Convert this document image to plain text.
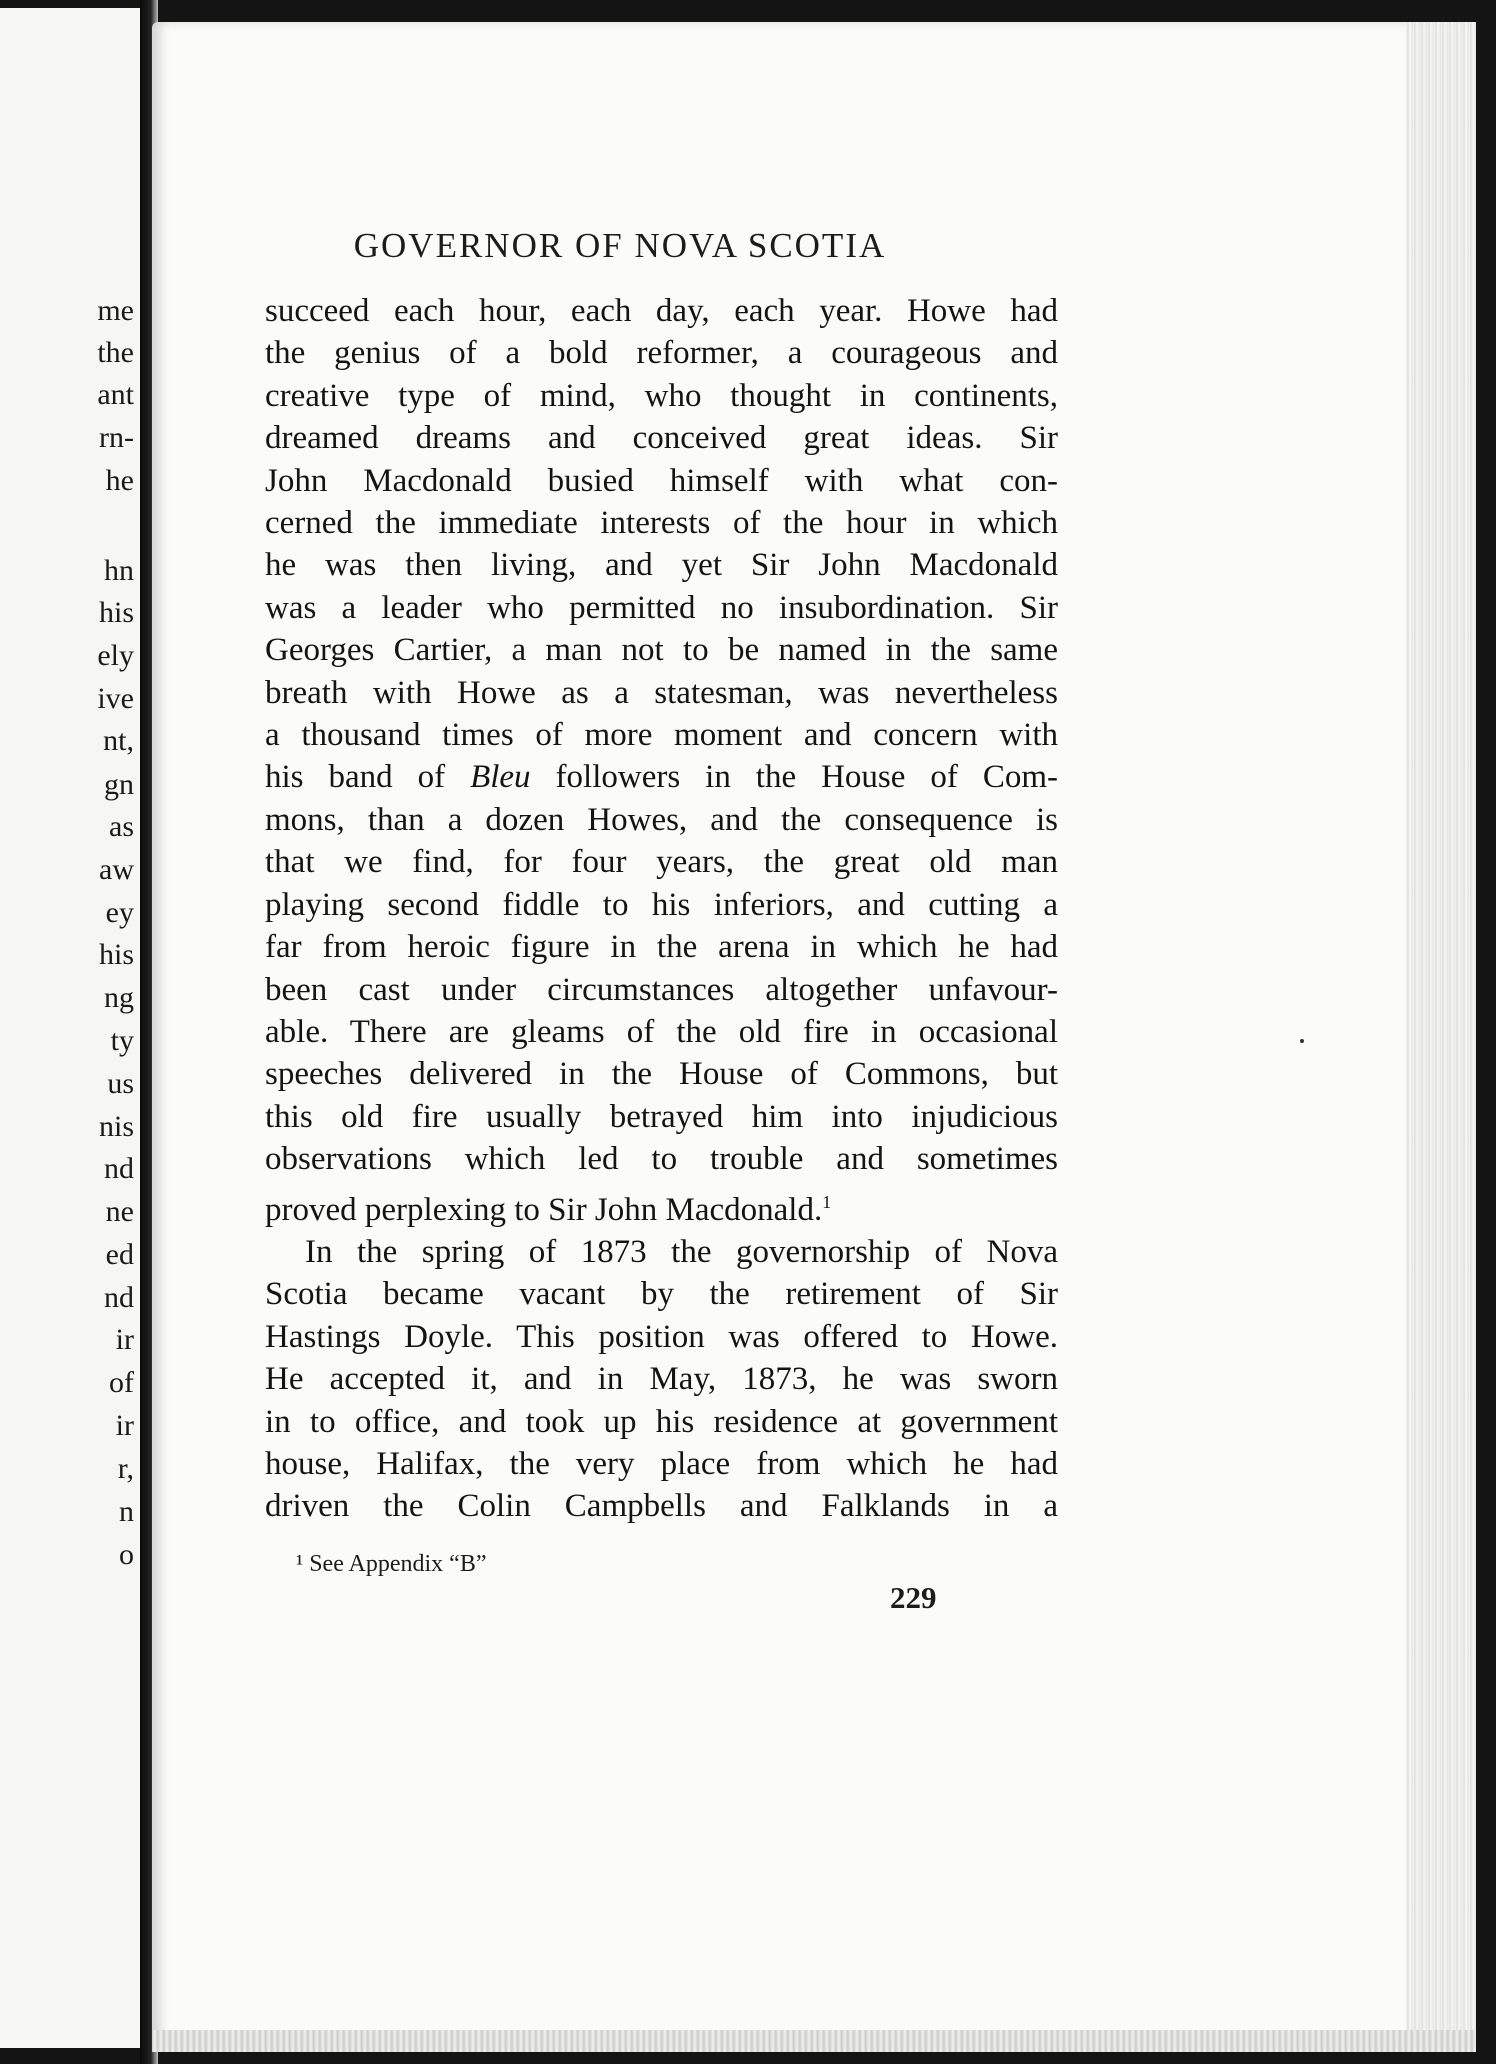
me
the
ant
rn-
he
hn
his
ely
ive
nt,
gn
as
aw
ey
his
ng
ty
us
nis
nd
ne
ed
nd
ir
of
ir
r,
n
o
GOVERNOR OF NOVA SCOTIA
succeed each hour, each day, each year. Howe had
the genius of a bold reformer, a courageous and
creative type of mind, who thought in continents,
dreamed dreams and conceived great ideas. Sir
John Macdonald busied himself with what con-
cerned the immediate interests of the hour in which
he was then living, and yet Sir John Macdonald
was a leader who permitted no insubordination. Sir
Georges Cartier, a man not to be named in the same
breath with Howe as a statesman, was nevertheless
a thousand times of more moment and concern with
his band of Bleu followers in the House of Com-
mons, than a dozen Howes, and the consequence is
that we find, for four years, the great old man
playing second fiddle to his inferiors, and cutting a
far from heroic figure in the arena in which he had
been cast under circumstances altogether unfavour-
able. There are gleams of the old fire in occasional
speeches delivered in the House of Commons, but
this old fire usually betrayed him into injudicious
observations which led to trouble and sometimes
proved perplexing to Sir John Macdonald.$^1$
In the spring of 1873 the governorship of Nova
Scotia became vacant by the retirement of Sir
Hastings Doyle. This position was offered to Howe.
He accepted it, and in May, 1873, he was sworn
in to office, and took up his residence at government
house, Halifax, the very place from which he had
driven the Colin Campbells and Falklands in a
¹ See Appendix “B”
229
